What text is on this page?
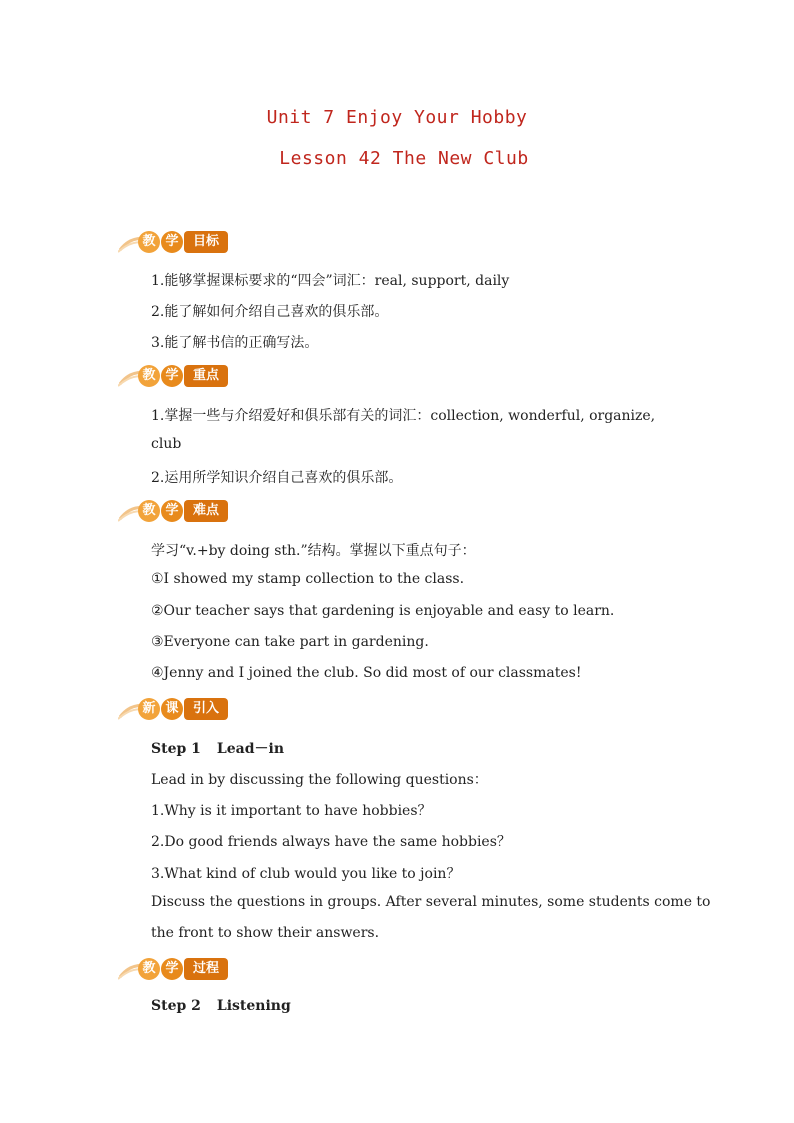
Unit 7 Enjoy Your Hobby
Lesson 42 The New Club
教 学	目标
1.能够掌握课标要求的“四会”词汇：real, support, daily
2.能了解如何介绍自己喜欢的俱乐部。
3.能了解书信的正确写法。
教 学	重点
1.掌握一些与介绍爱好和俱乐部有关的词汇：collection, wonderful, organize,
club
2.运用所学知识介绍自己喜欢的俱乐部。
教 学	难点
学习“v.+by doing sth.”结构。掌握以下重点句子：
①I showed my stamp collection to the class.
②Our teacher says that gardening is enjoyable and easy to learn.
③Everyone can take part in gardening.
④Jenny and I joined the club. So did most of our classmates!
新 课	引入
Step 1 Lead－in
Lead in by discussing the following questions：
1.Why is it important to have hobbies？
2.Do good friends always have the same hobbies？
3.What kind of club would you like to join？
Discuss the questions in groups. After several minutes, some students come to
the front to show their answers.
教 学	过程
Step 2 Listening
